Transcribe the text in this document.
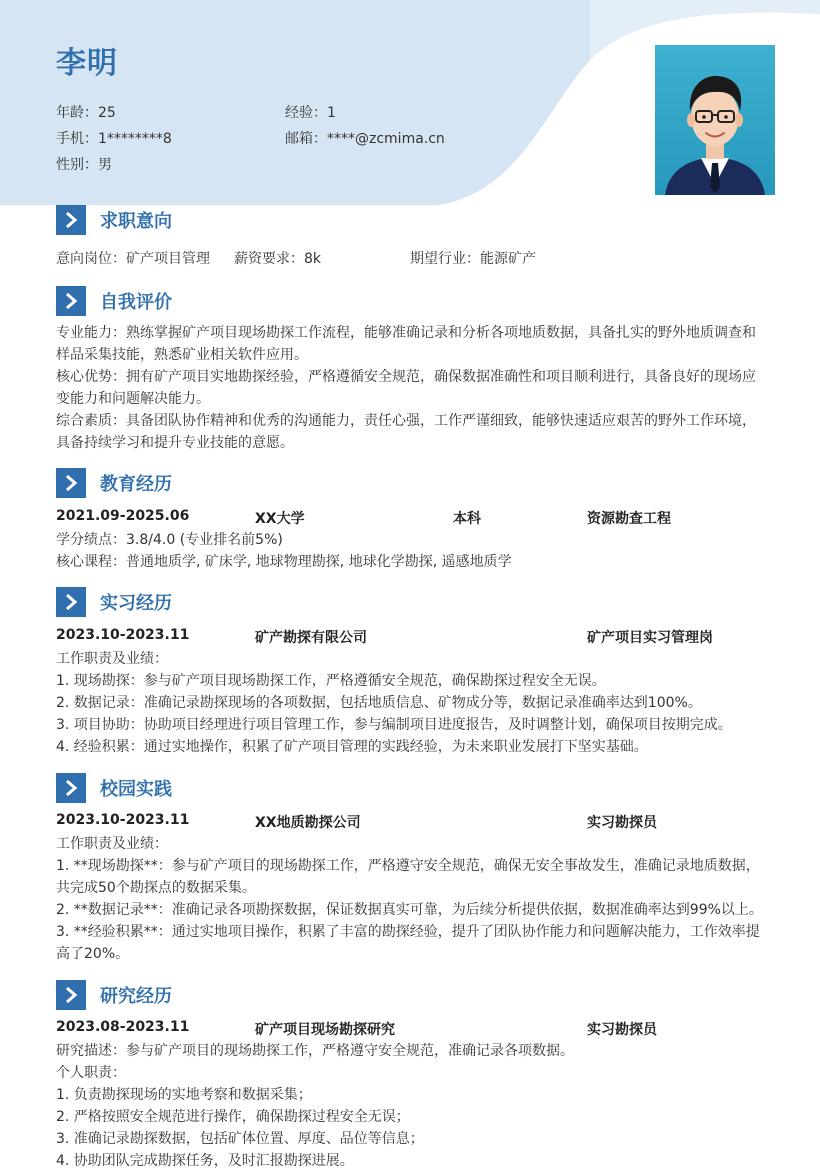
李明
年龄：25	经验：1
手机：1********8	邮箱：****@zcmima.cn
性别：男
求职意向
意向岗位：矿产项目管理 薪资要求：8k	期望行业：能源矿产
自我评价

专业能力：熟练掌握矿产项目现场勘探工作流程，能够准确记录和分析各项地质数据，具备扎实的野外地质调查和样品采集技能，熟悉矿业相关软件应用。

核心优势：拥有矿产项目实地勘探经验，严格遵循安全规范，确保数据准确性和项目顺利进行，具备良好的现场应变能力和问题解决能力。

综合素质：具备团队协作精神和优秀的沟通能力，责任心强，工作严谨细致，能够快速适应艰苦的野外工作环境，具备持续学习和提升专业技能的意愿。

教育经历
2021.09-2025.06	XX大学	本科	资源勘查工程
学分绩点：3.8/4.0 (专业排名前5%)
核心课程：普通地质学, 矿床学, 地球物理勘探, 地球化学勘探, 遥感地质学
实习经历
2023.10-2023.11	矿产勘探有限公司	矿产项目实习管理岗
工作职责及业绩：
1. 现场勘探：参与矿产项目现场勘探工作，严格遵循安全规范，确保勘探过程安全无误。
2. 数据记录：准确记录勘探现场的各项数据，包括地质信息、矿物成分等，数据记录准确率达到100%。
3. 项目协助：协助项目经理进行项目管理工作，参与编制项目进度报告，及时调整计划，确保项目按期完成。
4. 经验积累：通过实地操作，积累了矿产项目管理的实践经验，为未来职业发展打下坚实基础。
校园实践
2023.10-2023.11	XX地质勘探公司	实习勘探员
工作职责及业绩：

1. **现场勘探**：参与矿产项目的现场勘探工作，严格遵守安全规范，确保无安全事故发生，准确记录地质数据，共完成50个勘探点的数据采集。

2. **数据记录**：准确记录各项勘探数据，保证数据真实可靠，为后续分析提供依据，数据准确率达到99%以上。

3. **经验积累**：通过实地项目操作，积累了丰富的勘探经验，提升了团队协作能力和问题解决能力，工作效率提高了20%。

研究经历
2023.08-2023.11	矿产项目现场勘探研究	实习勘探员
研究描述：参与矿产项目的现场勘探工作，严格遵守安全规范，准确记录各项数据。
个人职责：
1. 负责勘探现场的实地考察和数据采集；
2. 严格按照安全规范进行操作，确保勘探过程安全无误；
3. 准确记录勘探数据，包括矿体位置、厚度、品位等信息；
4. 协助团队完成勘探任务，及时汇报勘探进展。
